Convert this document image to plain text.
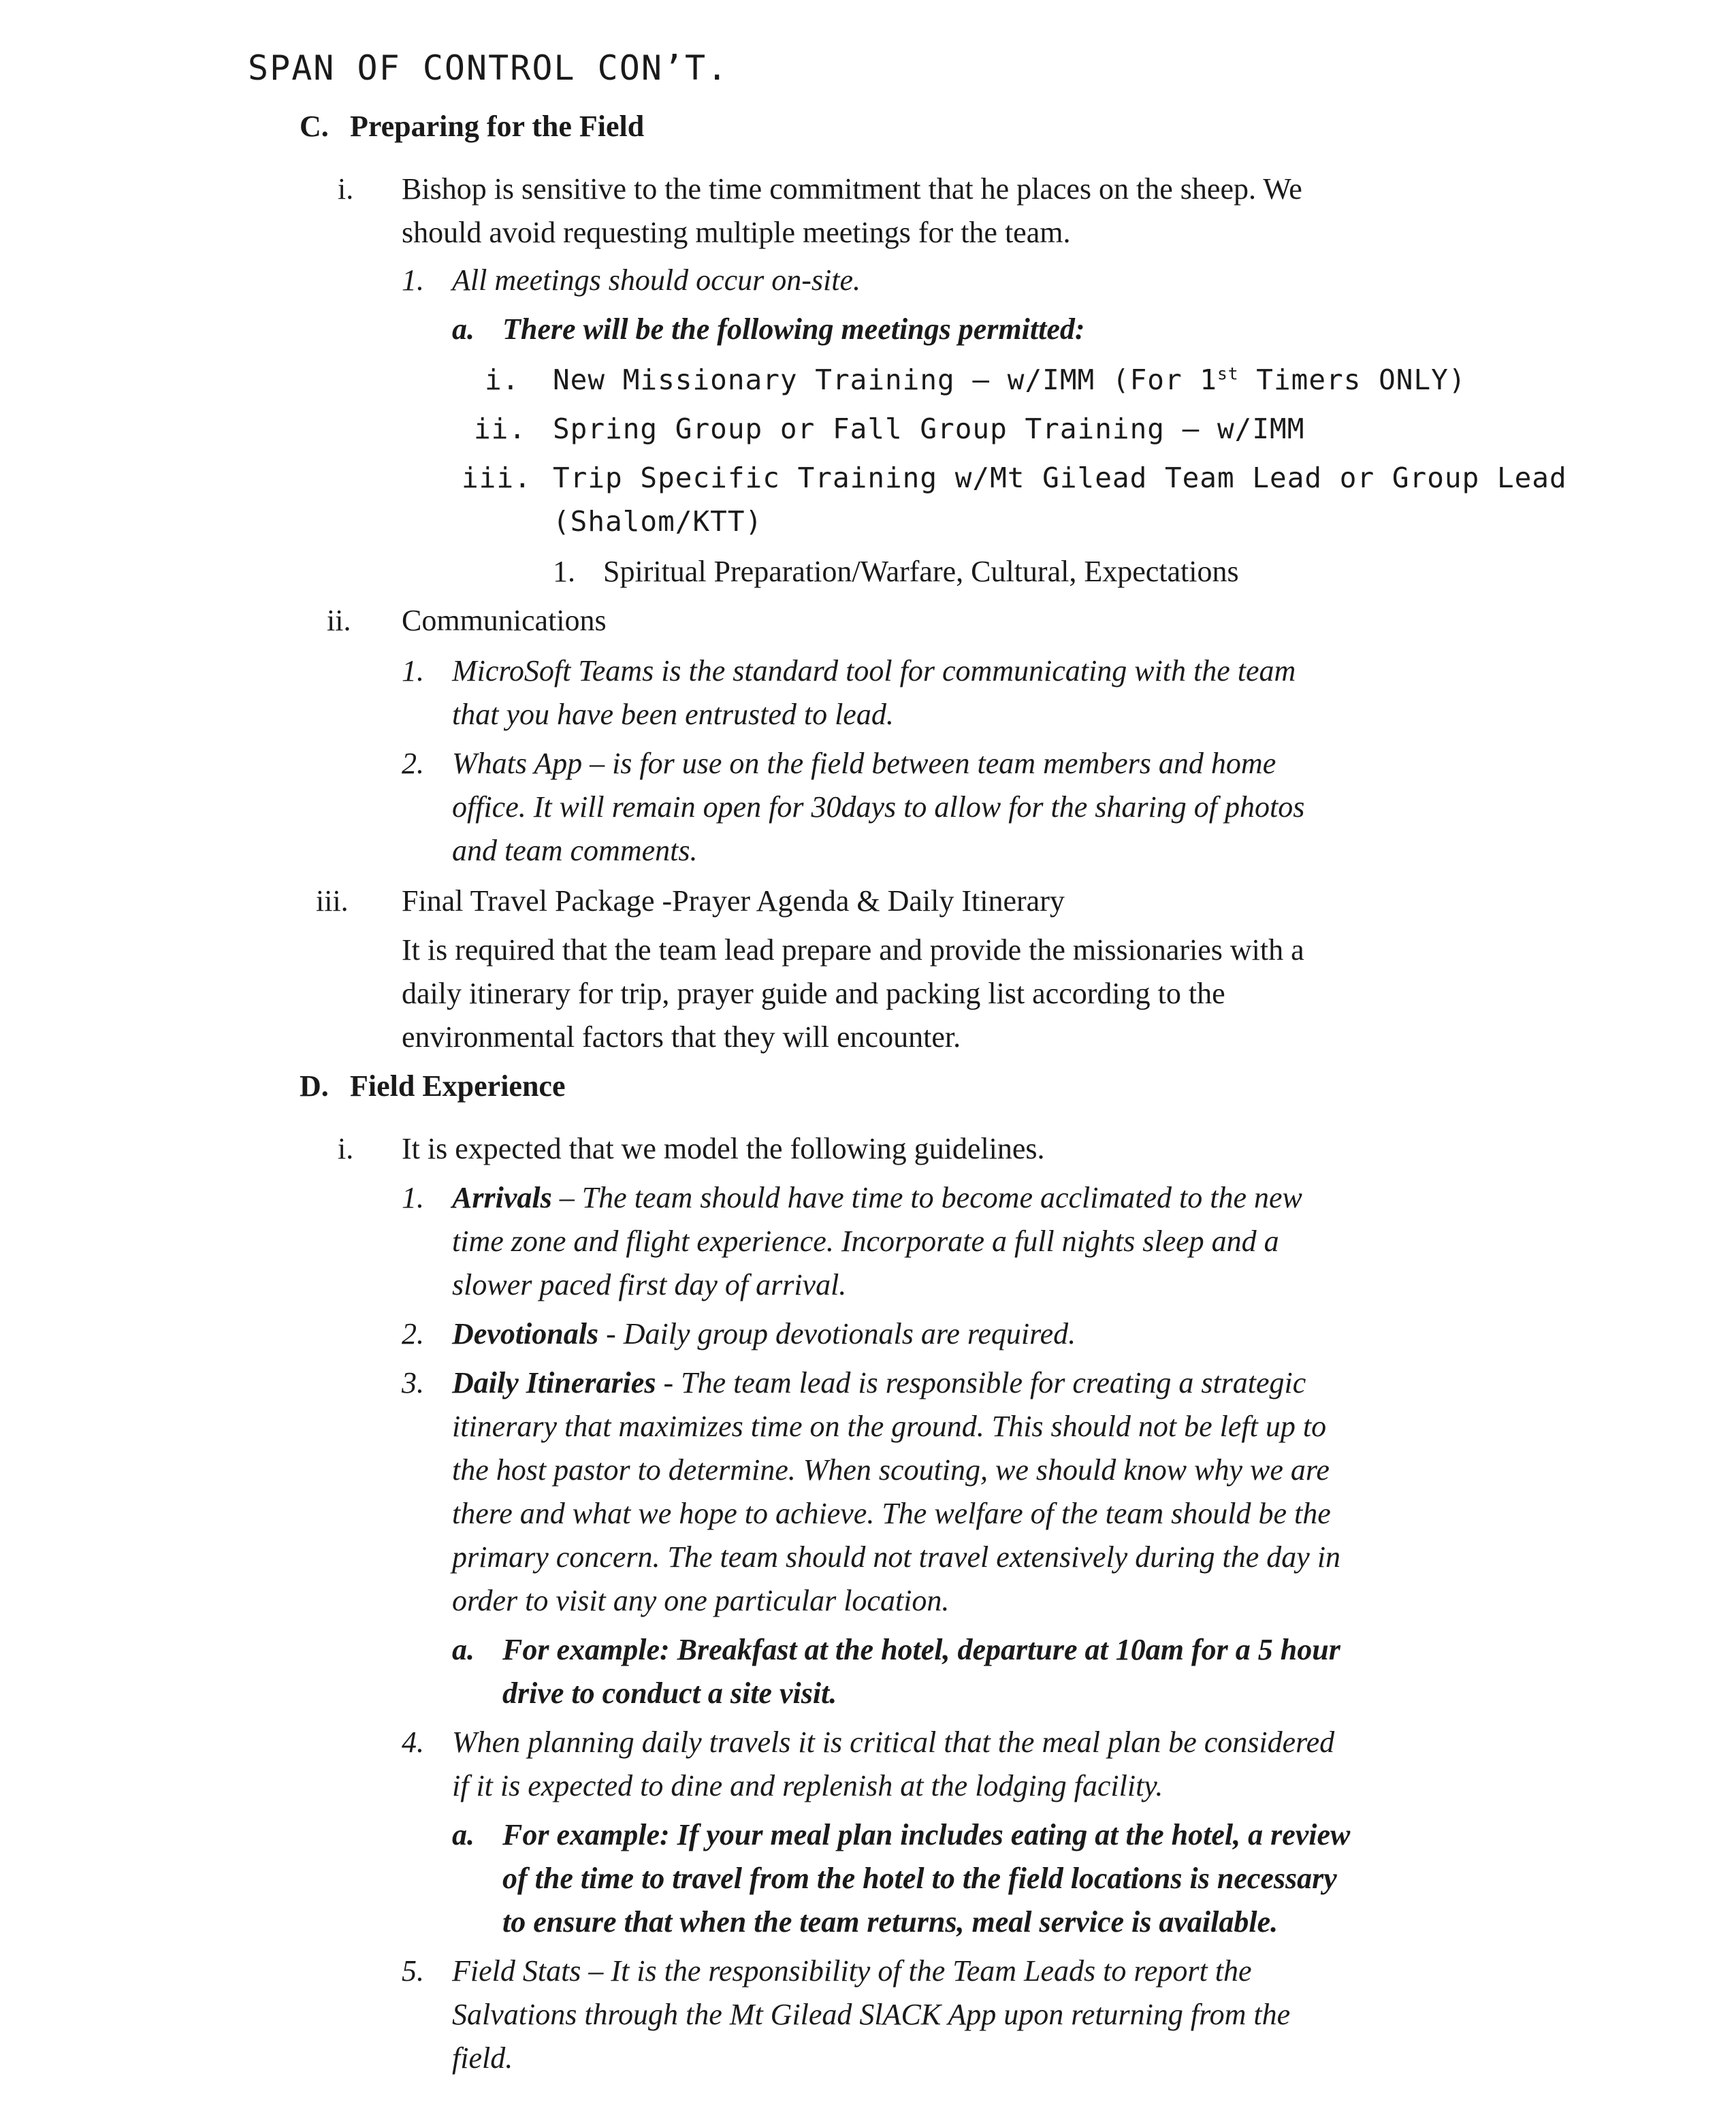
SPAN OF CONTROL CON’T.
C. Preparing for the Field
i. Bishop is sensitive to the time commitment that he places on the sheep. We
should avoid requesting multiple meetings for the team.
1. All meetings should occur on-site.
a. There will be the following meetings permitted:
i. New Missionary Training – w/IMM (For 1st Timers ONLY)
ii. Spring Group or Fall Group Training – w/IMM
iii. Trip Specific Training w/Mt Gilead Team Lead or Group Lead
(Shalom/KTT)
1. Spiritual Preparation/Warfare, Cultural, Expectations
ii. Communications
1. MicroSoft Teams is the standard tool for communicating with the team
that you have been entrusted to lead.
2. Whats App – is for use on the field between team members and home
office. It will remain open for 30days to allow for the sharing of photos
and team comments.
iii. Final Travel Package -Prayer Agenda & Daily Itinerary
It is required that the team lead prepare and provide the missionaries with a
daily itinerary for trip, prayer guide and packing list according to the
environmental factors that they will encounter.
D. Field Experience
i. It is expected that we model the following guidelines.
1. Arrivals – The team should have time to become acclimated to the new
time zone and flight experience. Incorporate a full nights sleep and a
slower paced first day of arrival.
2. Devotionals - Daily group devotionals are required.
3. Daily Itineraries - The team lead is responsible for creating a strategic
itinerary that maximizes time on the ground. This should not be left up to
the host pastor to determine. When scouting, we should know why we are
there and what we hope to achieve. The welfare of the team should be the
primary concern. The team should not travel extensively during the day in
order to visit any one particular location.
a. For example: Breakfast at the hotel, departure at 10am for a 5 hour
drive to conduct a site visit.
4. When planning daily travels it is critical that the meal plan be considered
if it is expected to dine and replenish at the lodging facility.
a. For example: If your meal plan includes eating at the hotel, a review
of the time to travel from the hotel to the field locations is necessary
to ensure that when the team returns, meal service is available.
5. Field Stats – It is the responsibility of the Team Leads to report the
Salvations through the Mt Gilead SlACK App upon returning from the
field.
